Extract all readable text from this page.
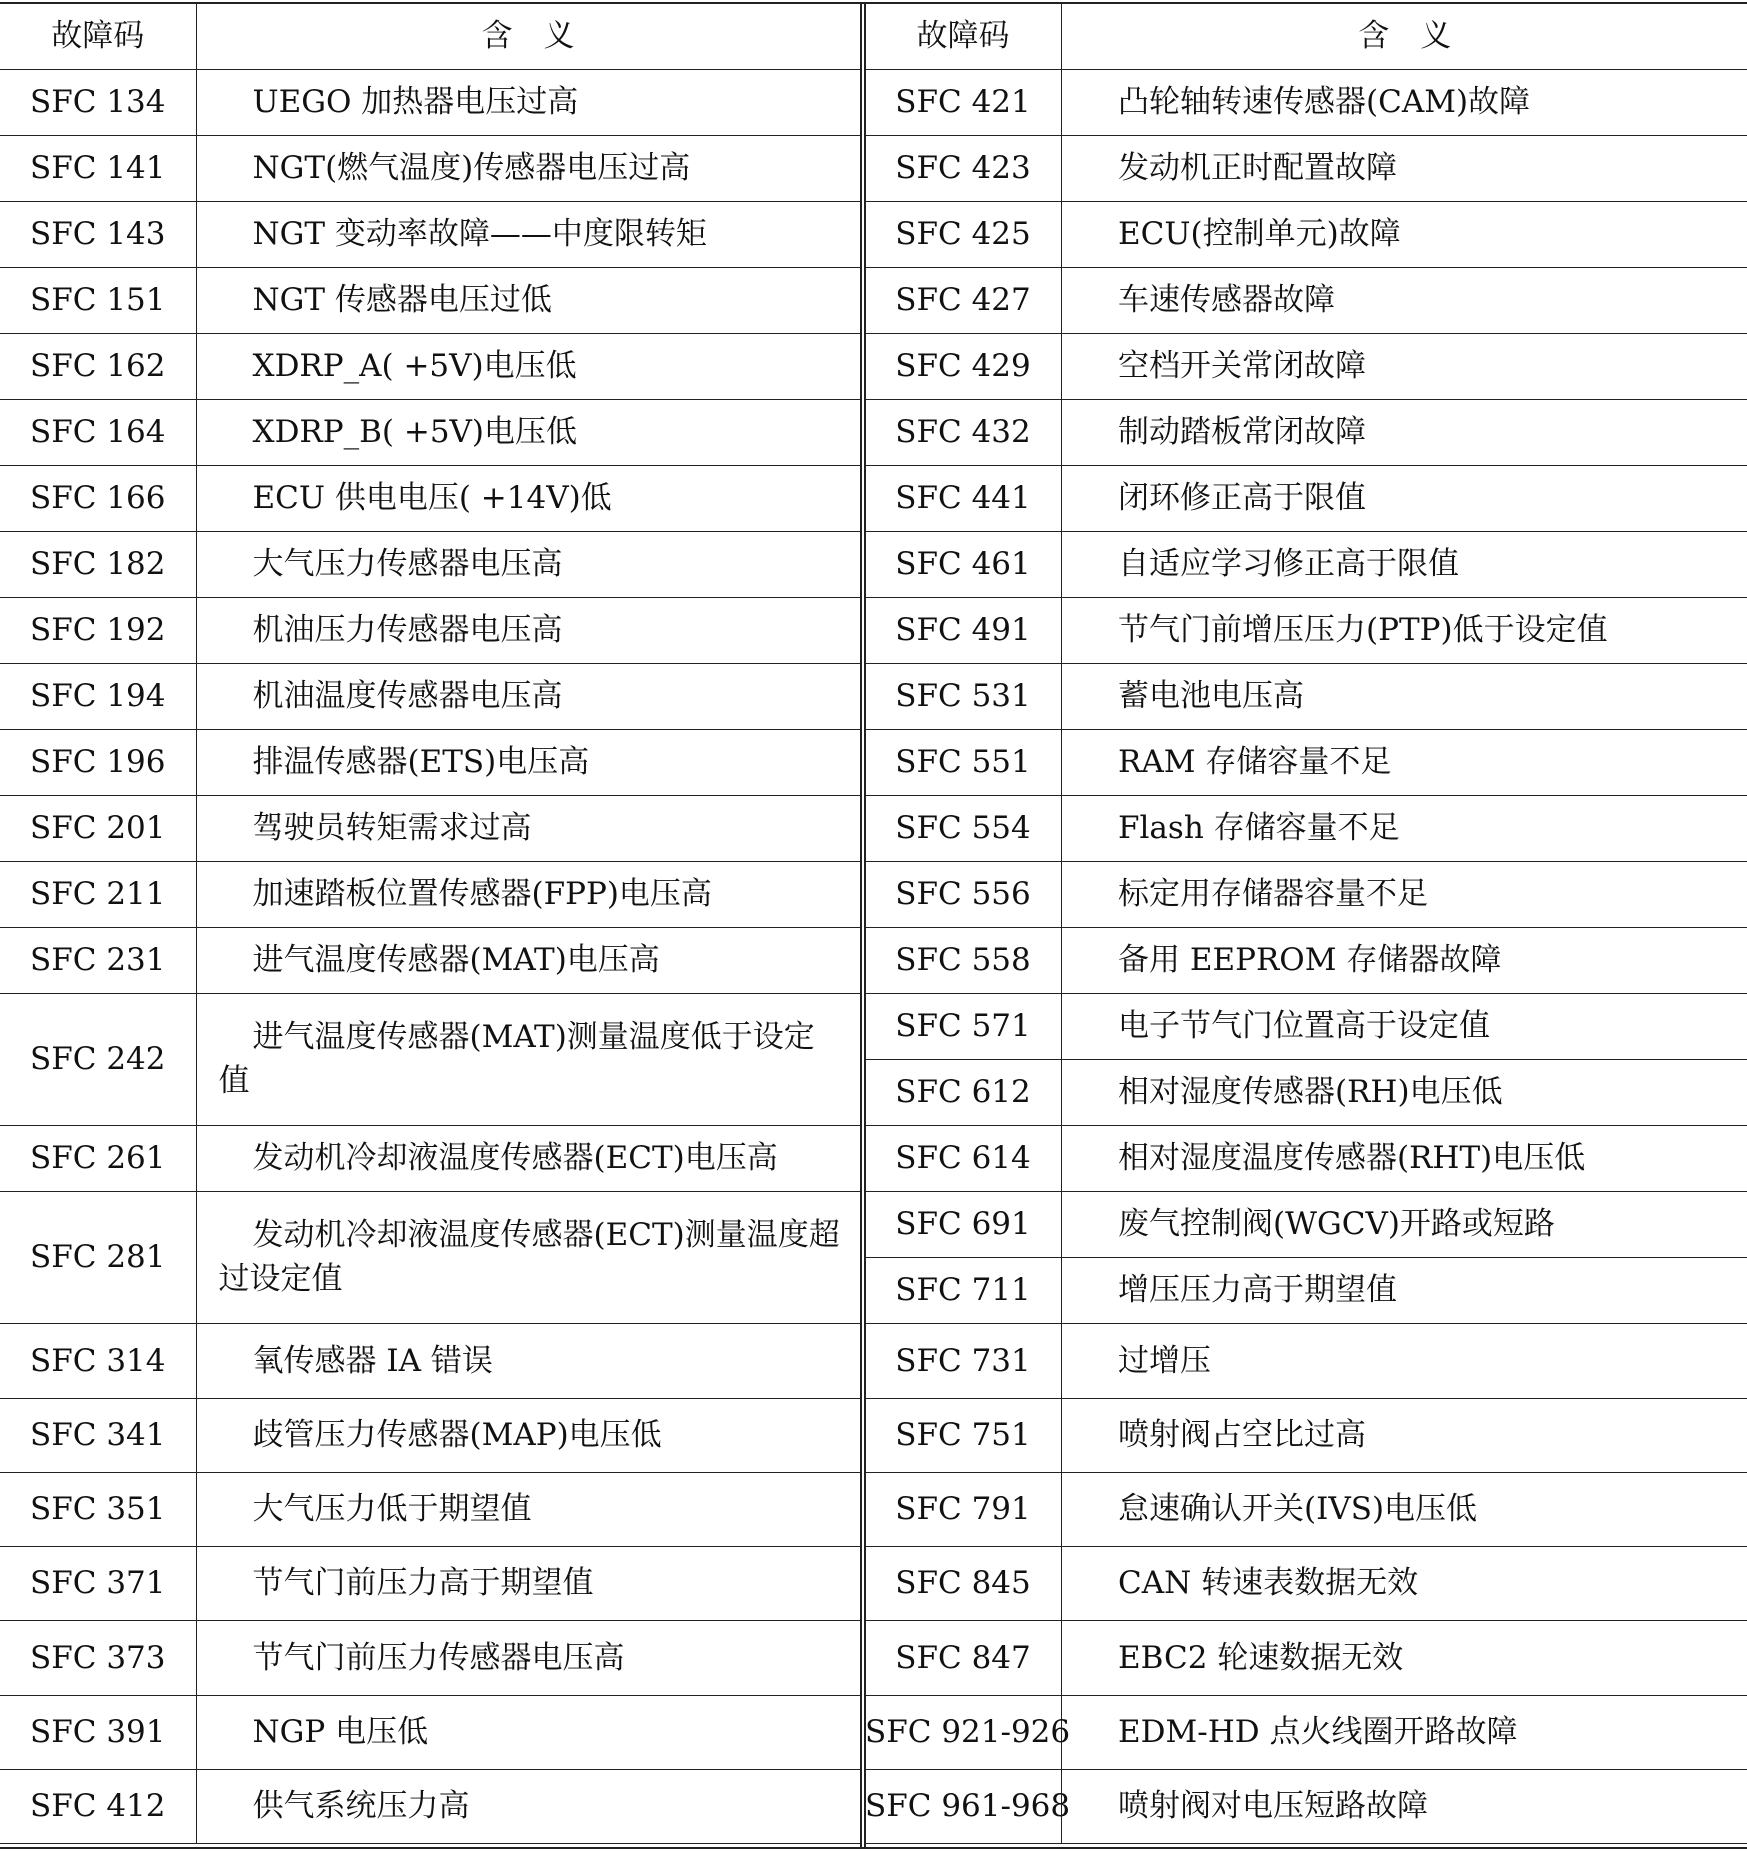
故障码	含　义
SFC 134	UEGO 加热器电压过高
SFC 141	NGT(燃气温度)传感器电压过高
SFC 143	NGT 变动率故障——中度限转矩
SFC 151	NGT 传感器电压过低
SFC 162	XDRP_A( +5V)电压低
SFC 164	XDRP_B( +5V)电压低
SFC 166	ECU 供电电压( +14V)低
SFC 182	大气压力传感器电压高
SFC 192	机油压力传感器电压高
SFC 194	机油温度传感器电压高
SFC 196	排温传感器(ETS)电压高
SFC 201	驾驶员转矩需求过高
SFC 211	加速踏板位置传感器(FPP)电压高
SFC 231	进气温度传感器(MAT)电压高
SFC 242	进气温度传感器(MAT)测量温度低于设定值
SFC 261	发动机冷却液温度传感器(ECT)电压高
SFC 281	发动机冷却液温度传感器(ECT)测量温度超过设定值
SFC 314	氧传感器 IA 错误
SFC 341	歧管压力传感器(MAP)电压低
SFC 351	大气压力低于期望值
SFC 371	节气门前压力高于期望值
SFC 373	节气门前压力传感器电压高
SFC 391	NGP 电压低
SFC 412	供气系统压力高
故障码	含　义
SFC 421	凸轮轴转速传感器(CAM)故障
SFC 423	发动机正时配置故障
SFC 425	ECU(控制单元)故障
SFC 427	车速传感器故障
SFC 429	空档开关常闭故障
SFC 432	制动踏板常闭故障
SFC 441	闭环修正高于限值
SFC 461	自适应学习修正高于限值
SFC 491	节气门前增压压力(PTP)低于设定值
SFC 531	蓄电池电压高
SFC 551	RAM 存储容量不足
SFC 554	Flash 存储容量不足
SFC 556	标定用存储器容量不足
SFC 558	备用 EEPROM 存储器故障
SFC 571	电子节气门位置高于设定值
SFC 612	相对湿度传感器(RH)电压低
SFC 614	相对湿度温度传感器(RHT)电压低
SFC 691	废气控制阀(WGCV)开路或短路
SFC 711	增压压力高于期望值
SFC 731	过增压
SFC 751	喷射阀占空比过高
SFC 791	怠速确认开关(IVS)电压低
SFC 845	CAN 转速表数据无效
SFC 847	EBC2 轮速数据无效
SFC 921-926	EDM-HD 点火线圈开路故障
SFC 961-968	喷射阀对电压短路故障
